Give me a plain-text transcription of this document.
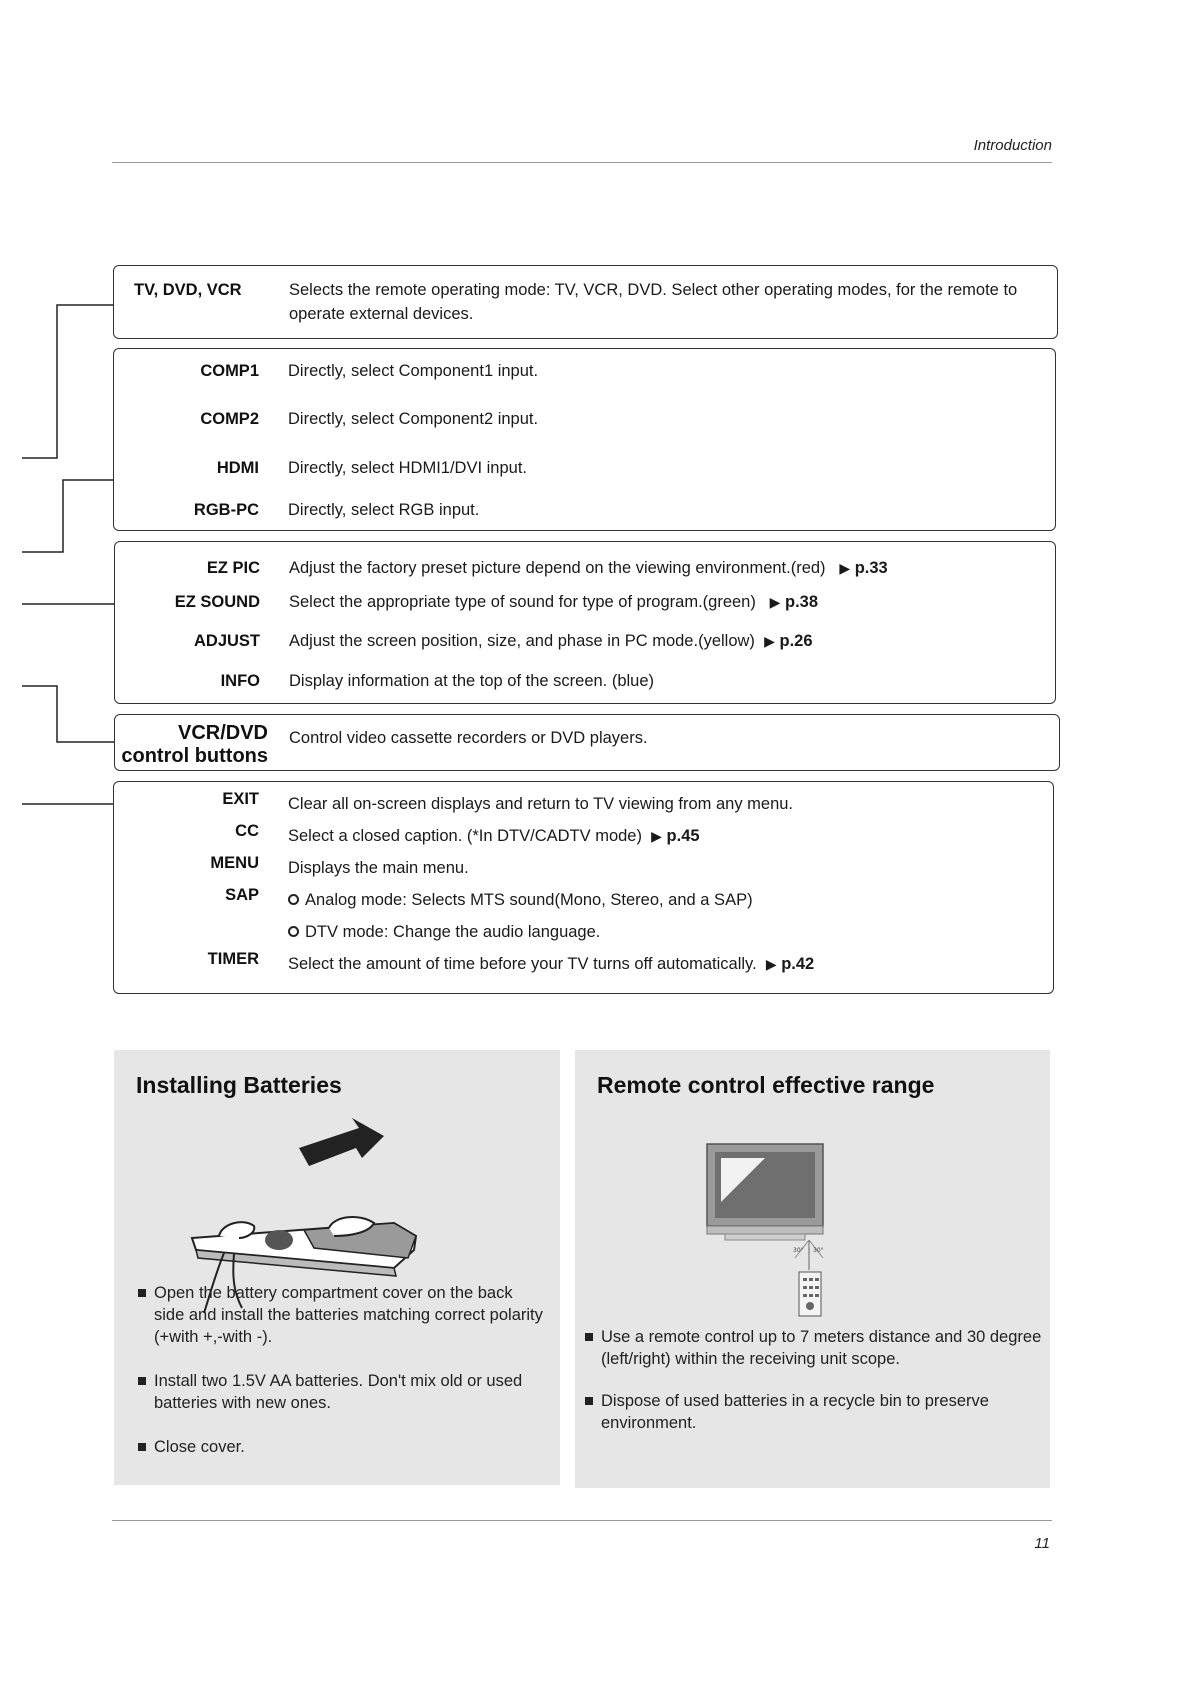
Introduction
TV, DVD, VCR	Selects the remote operating mode: TV, VCR, DVD. Select other operating modes, for the remote to operate external devices.
COMP1 Directly, select Component1 input.
COMP2 Directly, select Component2 input.
HDMI Directly, select HDMI1/DVI input.
RGB-PC Directly, select RGB input.
EZ PIC Adjust the factory preset picture depend on the viewing environment.(red) ▶ p.33
EZ SOUND Select the appropriate type of sound for type of program.(green) ▶ p.38
ADJUST Adjust the screen position, size, and phase in PC mode.(yellow) ▶ p.26
INFO Display information at the top of the screen. (blue)
VCR/DVD
control buttons
Control video cassette recorders or DVD players.
EXIT Clear all on-screen displays and return to TV viewing from any menu.
CC Select a closed caption. (*In DTV/CADTV mode) ▶ p.45
MENU Displays the main menu.
SAP	Analog mode: Selects MTS sound(Mono, Stereo, and a SAP)
DTV mode: Change the audio language.
TIMER Select the amount of time before your TV turns off automatically. ▶ p.42
Installing Batteries
Open the battery compartment cover on the back side and install the batteries matching correct polarity (+with +,-with -).
Install two 1.5V AA batteries. Don't mix old or used batteries with new ones.
Close cover.
Remote control effective range
30° 30°
Use a remote control up to 7 meters distance and 30 degree (left/right) within the receiving unit scope.
Dispose of used batteries in a recycle bin to preserve environment.
11
